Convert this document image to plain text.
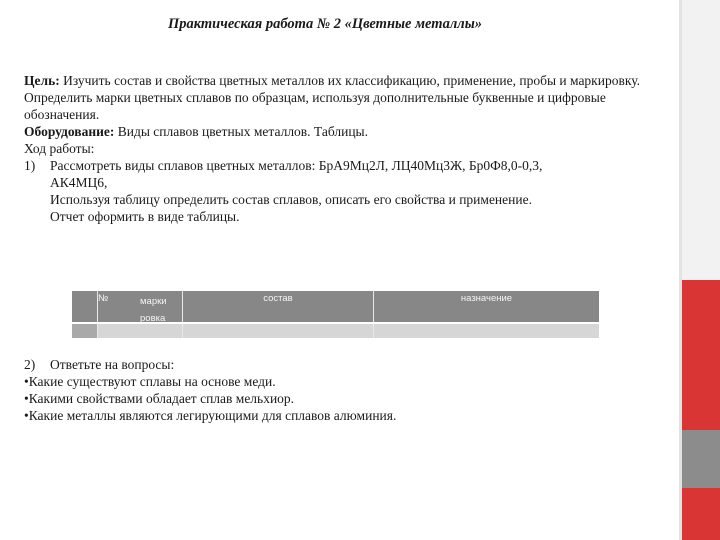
Практическая работа № 2 «Цветные металлы»

Цель: Изучить состав и свойства цветных металлов их классификацию, применение, пробы и маркировку. Определить марки цветных сплавов по образцам, используя дополнительные буквенные и цифровые обозначения.

Оборудование: Виды сплавов цветных металлов. Таблицы.

Ход работы:

1) Рассмотреть виды сплавов цветных металлов: БрА9Мц2Л, ЛЦ40Мц3Ж, Бр0Ф8,0-0,3,

АК4МЦ6,

Используя таблицу определить состав сплавов, описать его свойства и применение.

Отчет оформить в виде таблицы.

№	марки ровка
состав	назначение

2) Ответьте на вопросы:

•Какие существуют сплавы на основе меди.

•Какими свойствами обладает сплав мельхиор.

•Какие металлы являются легирующими для сплавов алюминия.
